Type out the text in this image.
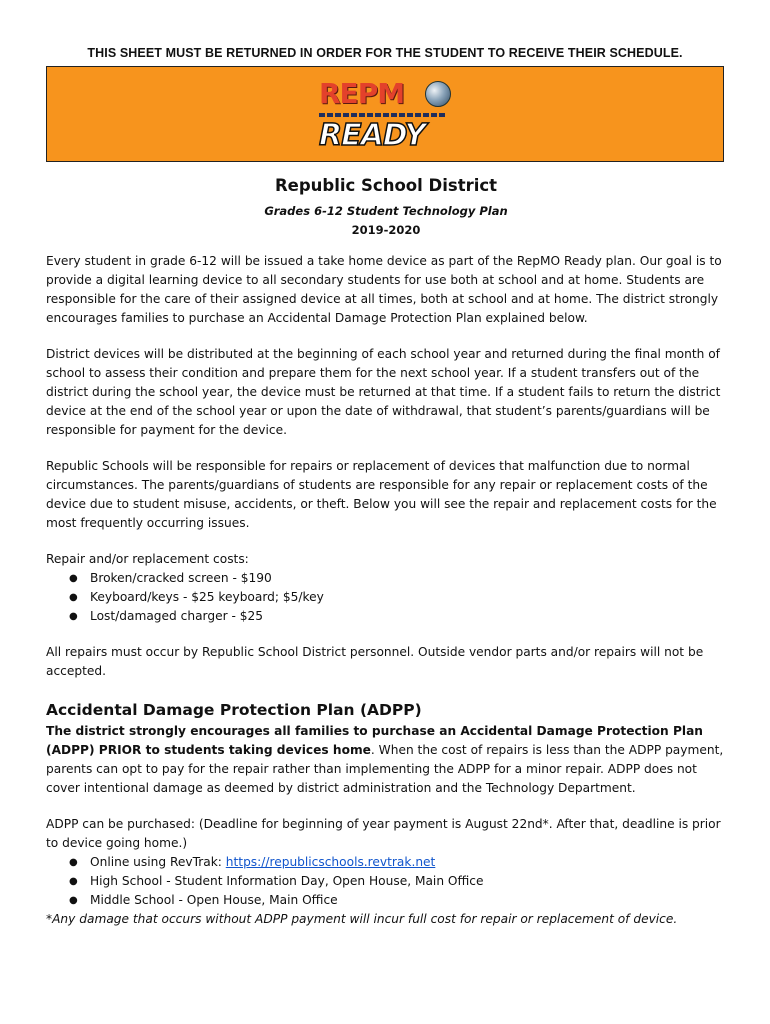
THIS SHEET MUST BE RETURNED IN ORDER FOR THE STUDENT TO RECEIVE THEIR SCHEDULE.
REPM
READY
Republic School District
Grades 6-12 Student Technology Plan
2019-2020

Every student in grade 6-12 will be issued a take home device as part of the RepMO Ready plan. Our goal is to provide a digital learning device to all secondary students for use both at school and at home. Students are responsible for the care of their assigned device at all times, both at school and at home. The district strongly encourages families to purchase an Accidental Damage Protection Plan explained below.

District devices will be distributed at the beginning of each school year and returned during the final month of school to assess their condition and prepare them for the next school year. If a student transfers out of the district during the school year, the device must be returned at that time. If a student fails to return the district device at the end of the school year or upon the date of withdrawal, that student’s parents/guardians will be responsible for payment for the device.

Republic Schools will be responsible for repairs or replacement of devices that malfunction due to normal circumstances. The parents/guardians of students are responsible for any repair or replacement costs of the device due to student misuse, accidents, or theft. Below you will see the repair and replacement costs for the most frequently occurring issues.

Repair and/or replacement costs:
● Broken/cracked screen - $190
● Keyboard/keys - $25 keyboard; $5/key
● Lost/damaged charger - $25

All repairs must occur by Republic School District personnel. Outside vendor parts and/or repairs will not be accepted.

Accidental Damage Protection Plan (ADPP)

The district strongly encourages all families to purchase an Accidental Damage Protection Plan (ADPP) PRIOR to students taking devices home. When the cost of repairs is less than the ADPP payment, parents can opt to pay for the repair rather than implementing the ADPP for a minor repair. ADPP does not cover intentional damage as deemed by district administration and the Technology Department.

ADPP can be purchased: (Deadline for beginning of year payment is August 22nd*. After that, deadline is prior to device going home.)
● Online using RevTrak: https://republicschools.revtrak.net
● High School - Student Information Day, Open House, Main Office
● Middle School - Open House, Main Office
*Any damage that occurs without ADPP payment will incur full cost for repair or replacement of device.
